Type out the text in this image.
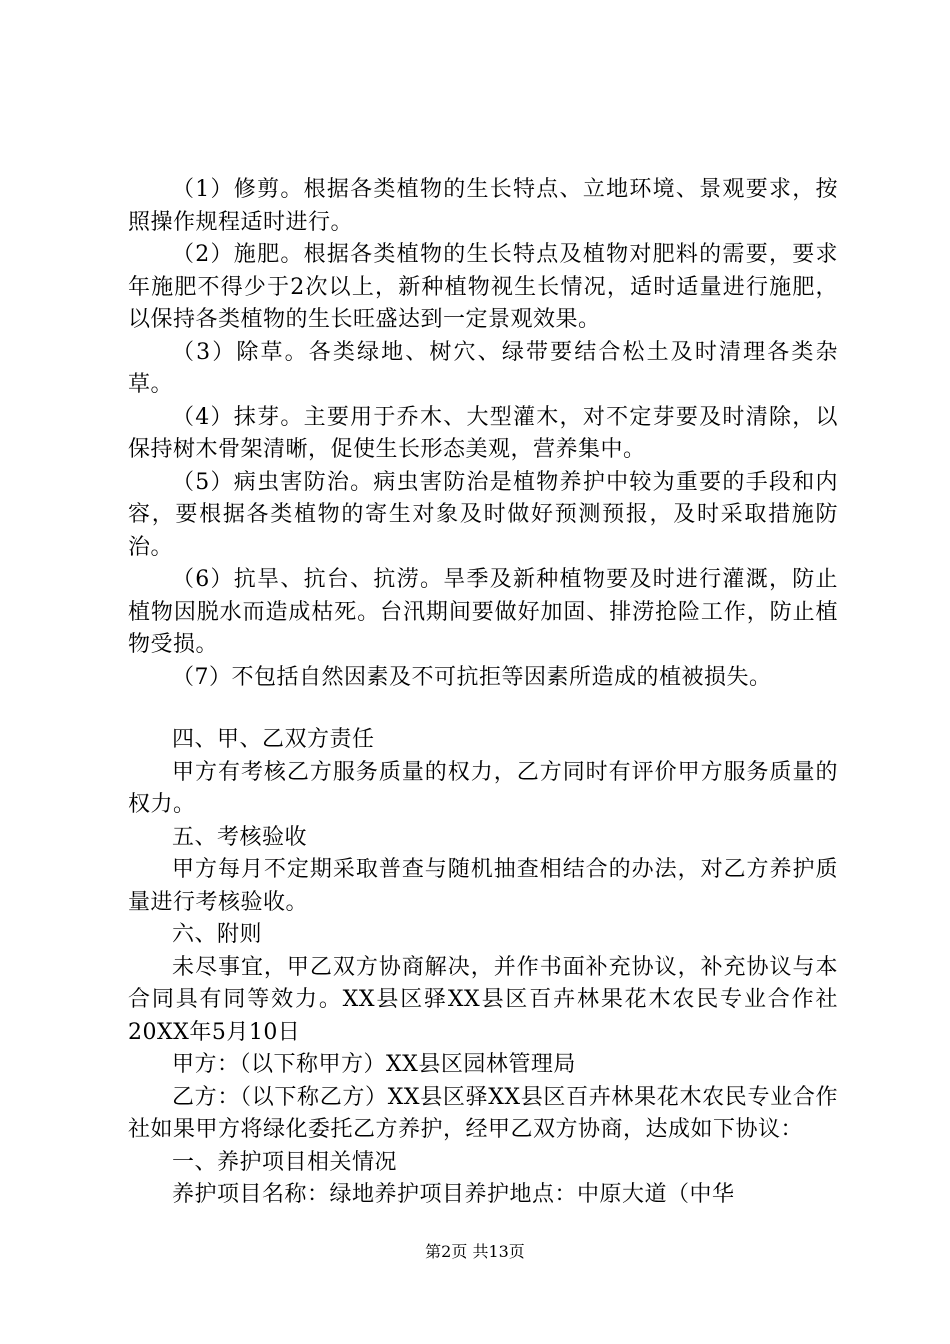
（1）修剪。根据各类植物的生长特点、立地环境、景观要求，按照操作规程适时进行。

（2）施肥。根据各类植物的生长特点及植物对肥料的需要，要求年施肥不得少于2次以上，新种植物视生长情况，适时适量进行施肥，以保持各类植物的生长旺盛达到一定景观效果。

（3）除草。各类绿地、树穴、绿带要结合松土及时清理各类杂草。

（4）抹芽。主要用于乔木、大型灌木，对不定芽要及时清除，以保持树木骨架清晰，促使生长形态美观，营养集中。

（5）病虫害防治。病虫害防治是植物养护中较为重要的手段和内容，要根据各类植物的寄生对象及时做好预测预报，及时采取措施防治。

（6）抗旱、抗台、抗涝。旱季及新种植物要及时进行灌溉，防止植物因脱水而造成枯死。台汛期间要做好加固、排涝抢险工作，防止植物受损。

（7）不包括自然因素及不可抗拒等因素所造成的植被损失。

四、甲、乙双方责任

甲方有考核乙方服务质量的权力，乙方同时有评价甲方服务质量的权力。

五、考核验收

甲方每月不定期采取普查与随机抽查相结合的办法，对乙方养护质量进行考核验收。

六、附则

未尽事宜，甲乙双方协商解决，并作书面补充协议，补充协议与本合同具有同等效力。XX县区驿XX县区百卉林果花木农民专业合作社20XX年5月10日

甲方：（以下称甲方）XX县区园林管理局

乙方：（以下称乙方）XX县区驿XX县区百卉林果花木农民专业合作社如果甲方将绿化委托乙方养护，经甲乙双方协商，达成如下协议：

一、养护项目相关情况

养护项目名称：绿地养护项目养护地点：中原大道（中华

第2页 共13页
